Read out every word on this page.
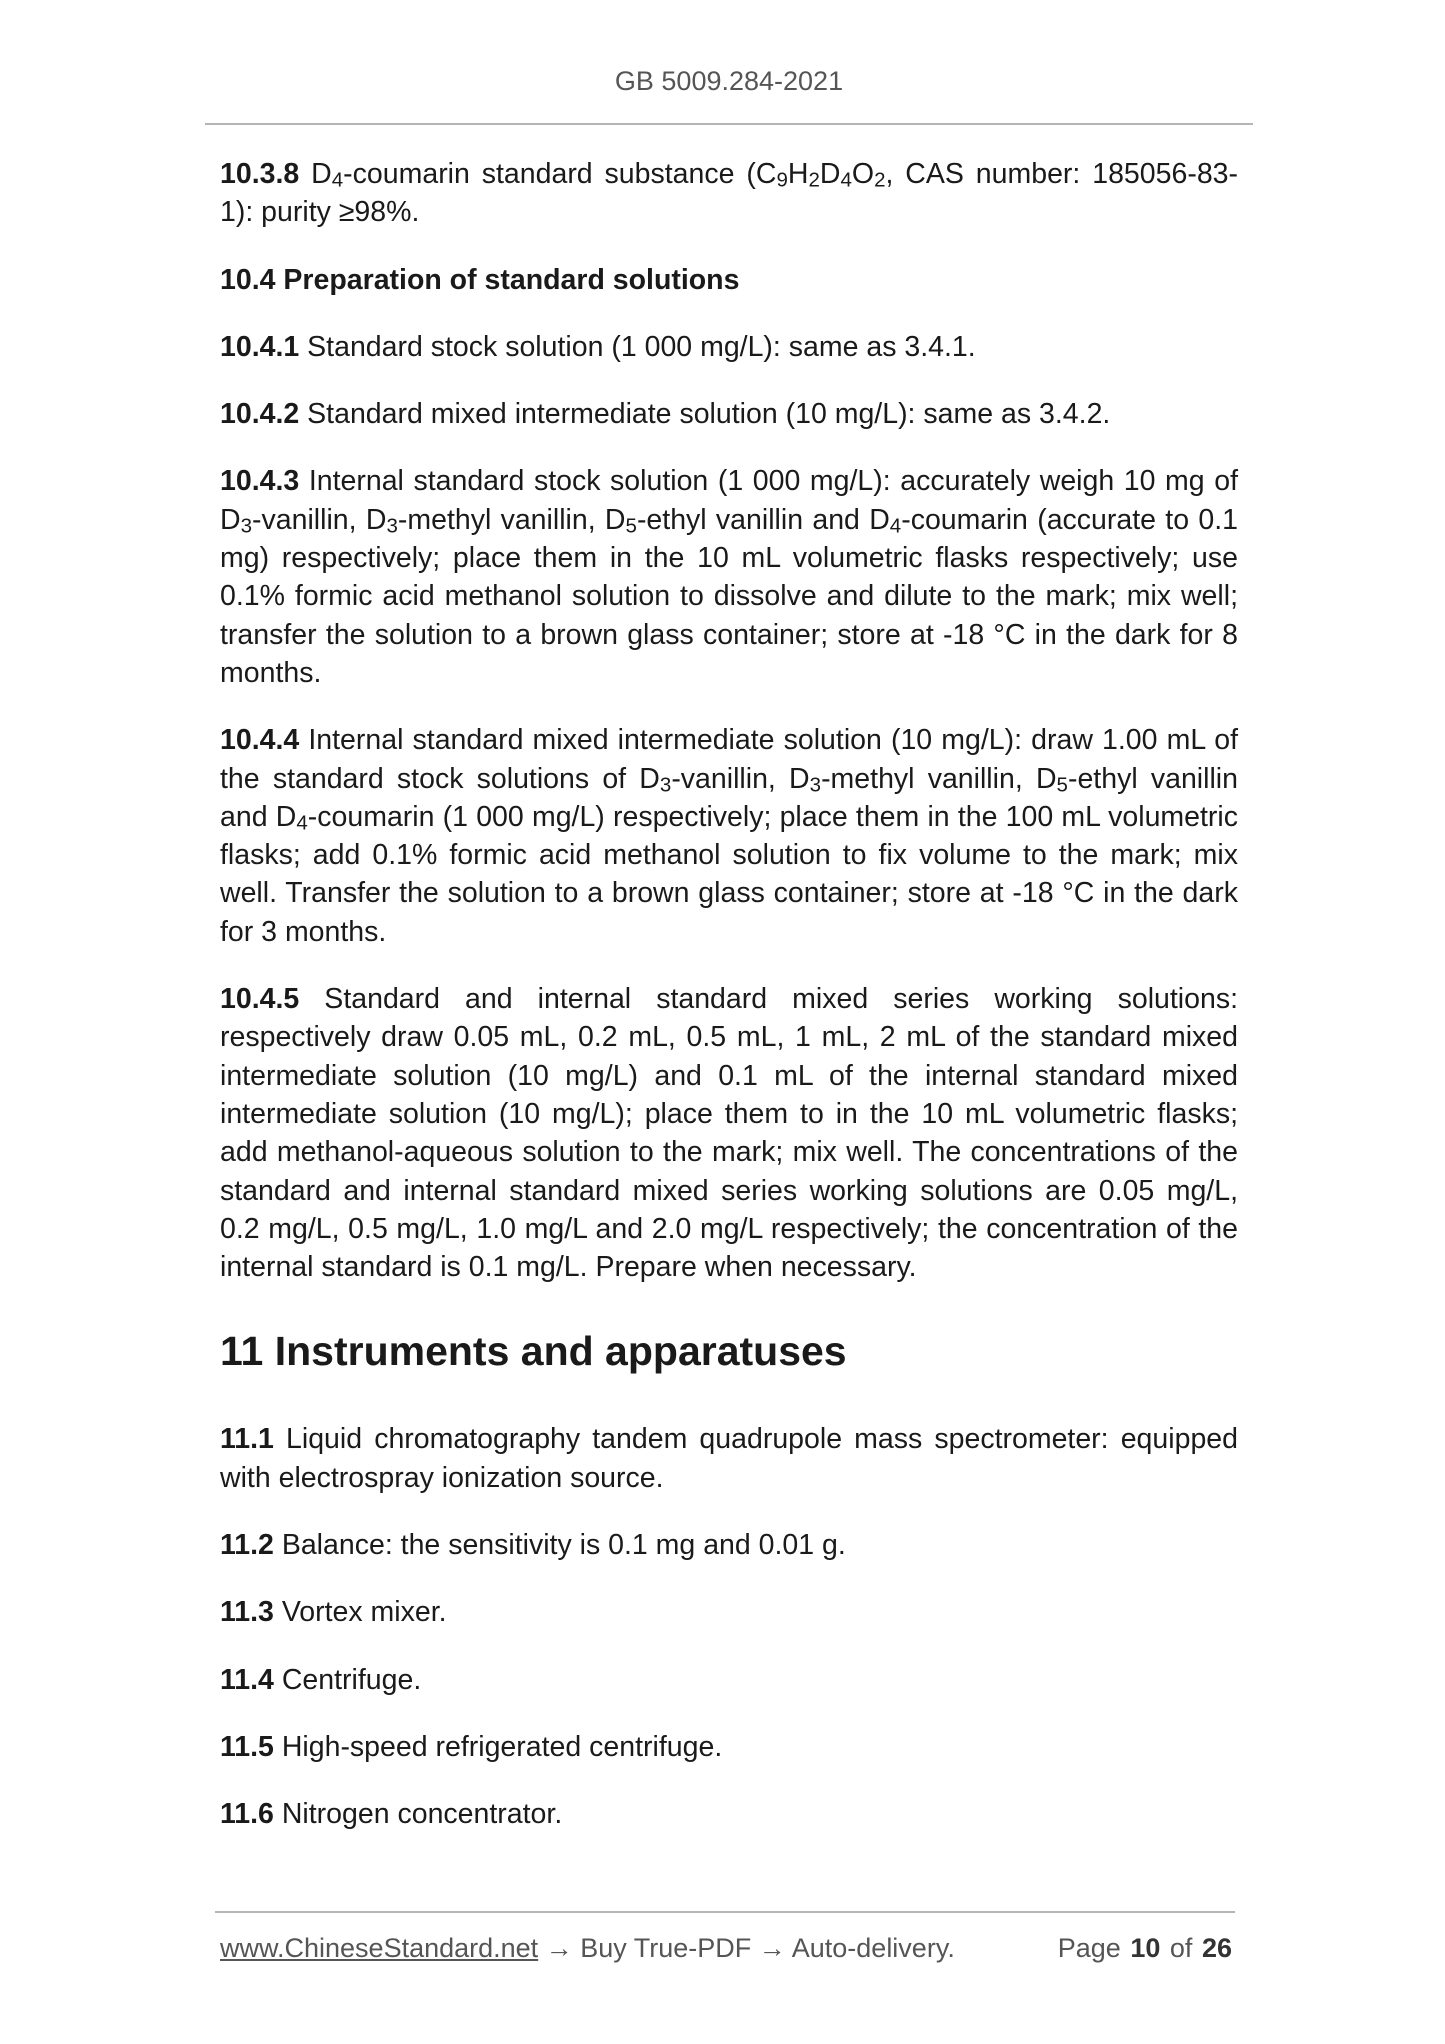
GB 5009.284-2021

10.3.8 D4-coumarin standard substance (C9H2D4O2, CAS number: 185056-83-1): purity ≥98%.

10.4 Preparation of standard solutions

10.4.1 Standard stock solution (1 000 mg/L): same as 3.4.1.

10.4.2 Standard mixed intermediate solution (10 mg/L): same as 3.4.2.

10.4.3 Internal standard stock solution (1 000 mg/L): accurately weigh 10 mg of D3-vanillin, D3-methyl vanillin, D5-ethyl vanillin and D4-coumarin (accurate to 0.1 mg) respectively; place them in the 10 mL volumetric flasks respectively; use 0.1% formic acid methanol solution to dissolve and dilute to the mark; mix well; transfer the solution to a brown glass container; store at -18 °C in the dark for 8 months.

10.4.4 Internal standard mixed intermediate solution (10 mg/L): draw 1.00 mL of the standard stock solutions of D3-vanillin, D3-methyl vanillin, D5-ethyl vanillin and D4-coumarin (1 000 mg/L) respectively; place them in the 100 mL volumetric flasks; add 0.1% formic acid methanol solution to fix volume to the mark; mix well. Transfer the solution to a brown glass container; store at -18 °C in the dark for 3 months.

10.4.5 Standard and internal standard mixed series working solutions: respectively draw 0.05 mL, 0.2 mL, 0.5 mL, 1 mL, 2 mL of the standard mixed intermediate solution (10 mg/L) and 0.1 mL of the internal standard mixed intermediate solution (10 mg/L); place them to in the 10 mL volumetric flasks; add methanol-aqueous solution to the mark; mix well. The concentrations of the standard and internal standard mixed series working solutions are 0.05 mg/L, 0.2 mg/L, 0.5 mg/L, 1.0 mg/L and 2.0 mg/L respectively; the concentration of the internal standard is 0.1 mg/L. Prepare when necessary.

11 Instruments and apparatuses

11.1 Liquid chromatography tandem quadrupole mass spectrometer: equipped with electrospray ionization source.

11.2 Balance: the sensitivity is 0.1 mg and 0.01 g.

11.3 Vortex mixer.

11.4 Centrifuge.

11.5 High-speed refrigerated centrifuge.

11.6 Nitrogen concentrator.

www.ChineseStandard.net → Buy True-PDF → Auto-delivery.	Page 10 of 26
